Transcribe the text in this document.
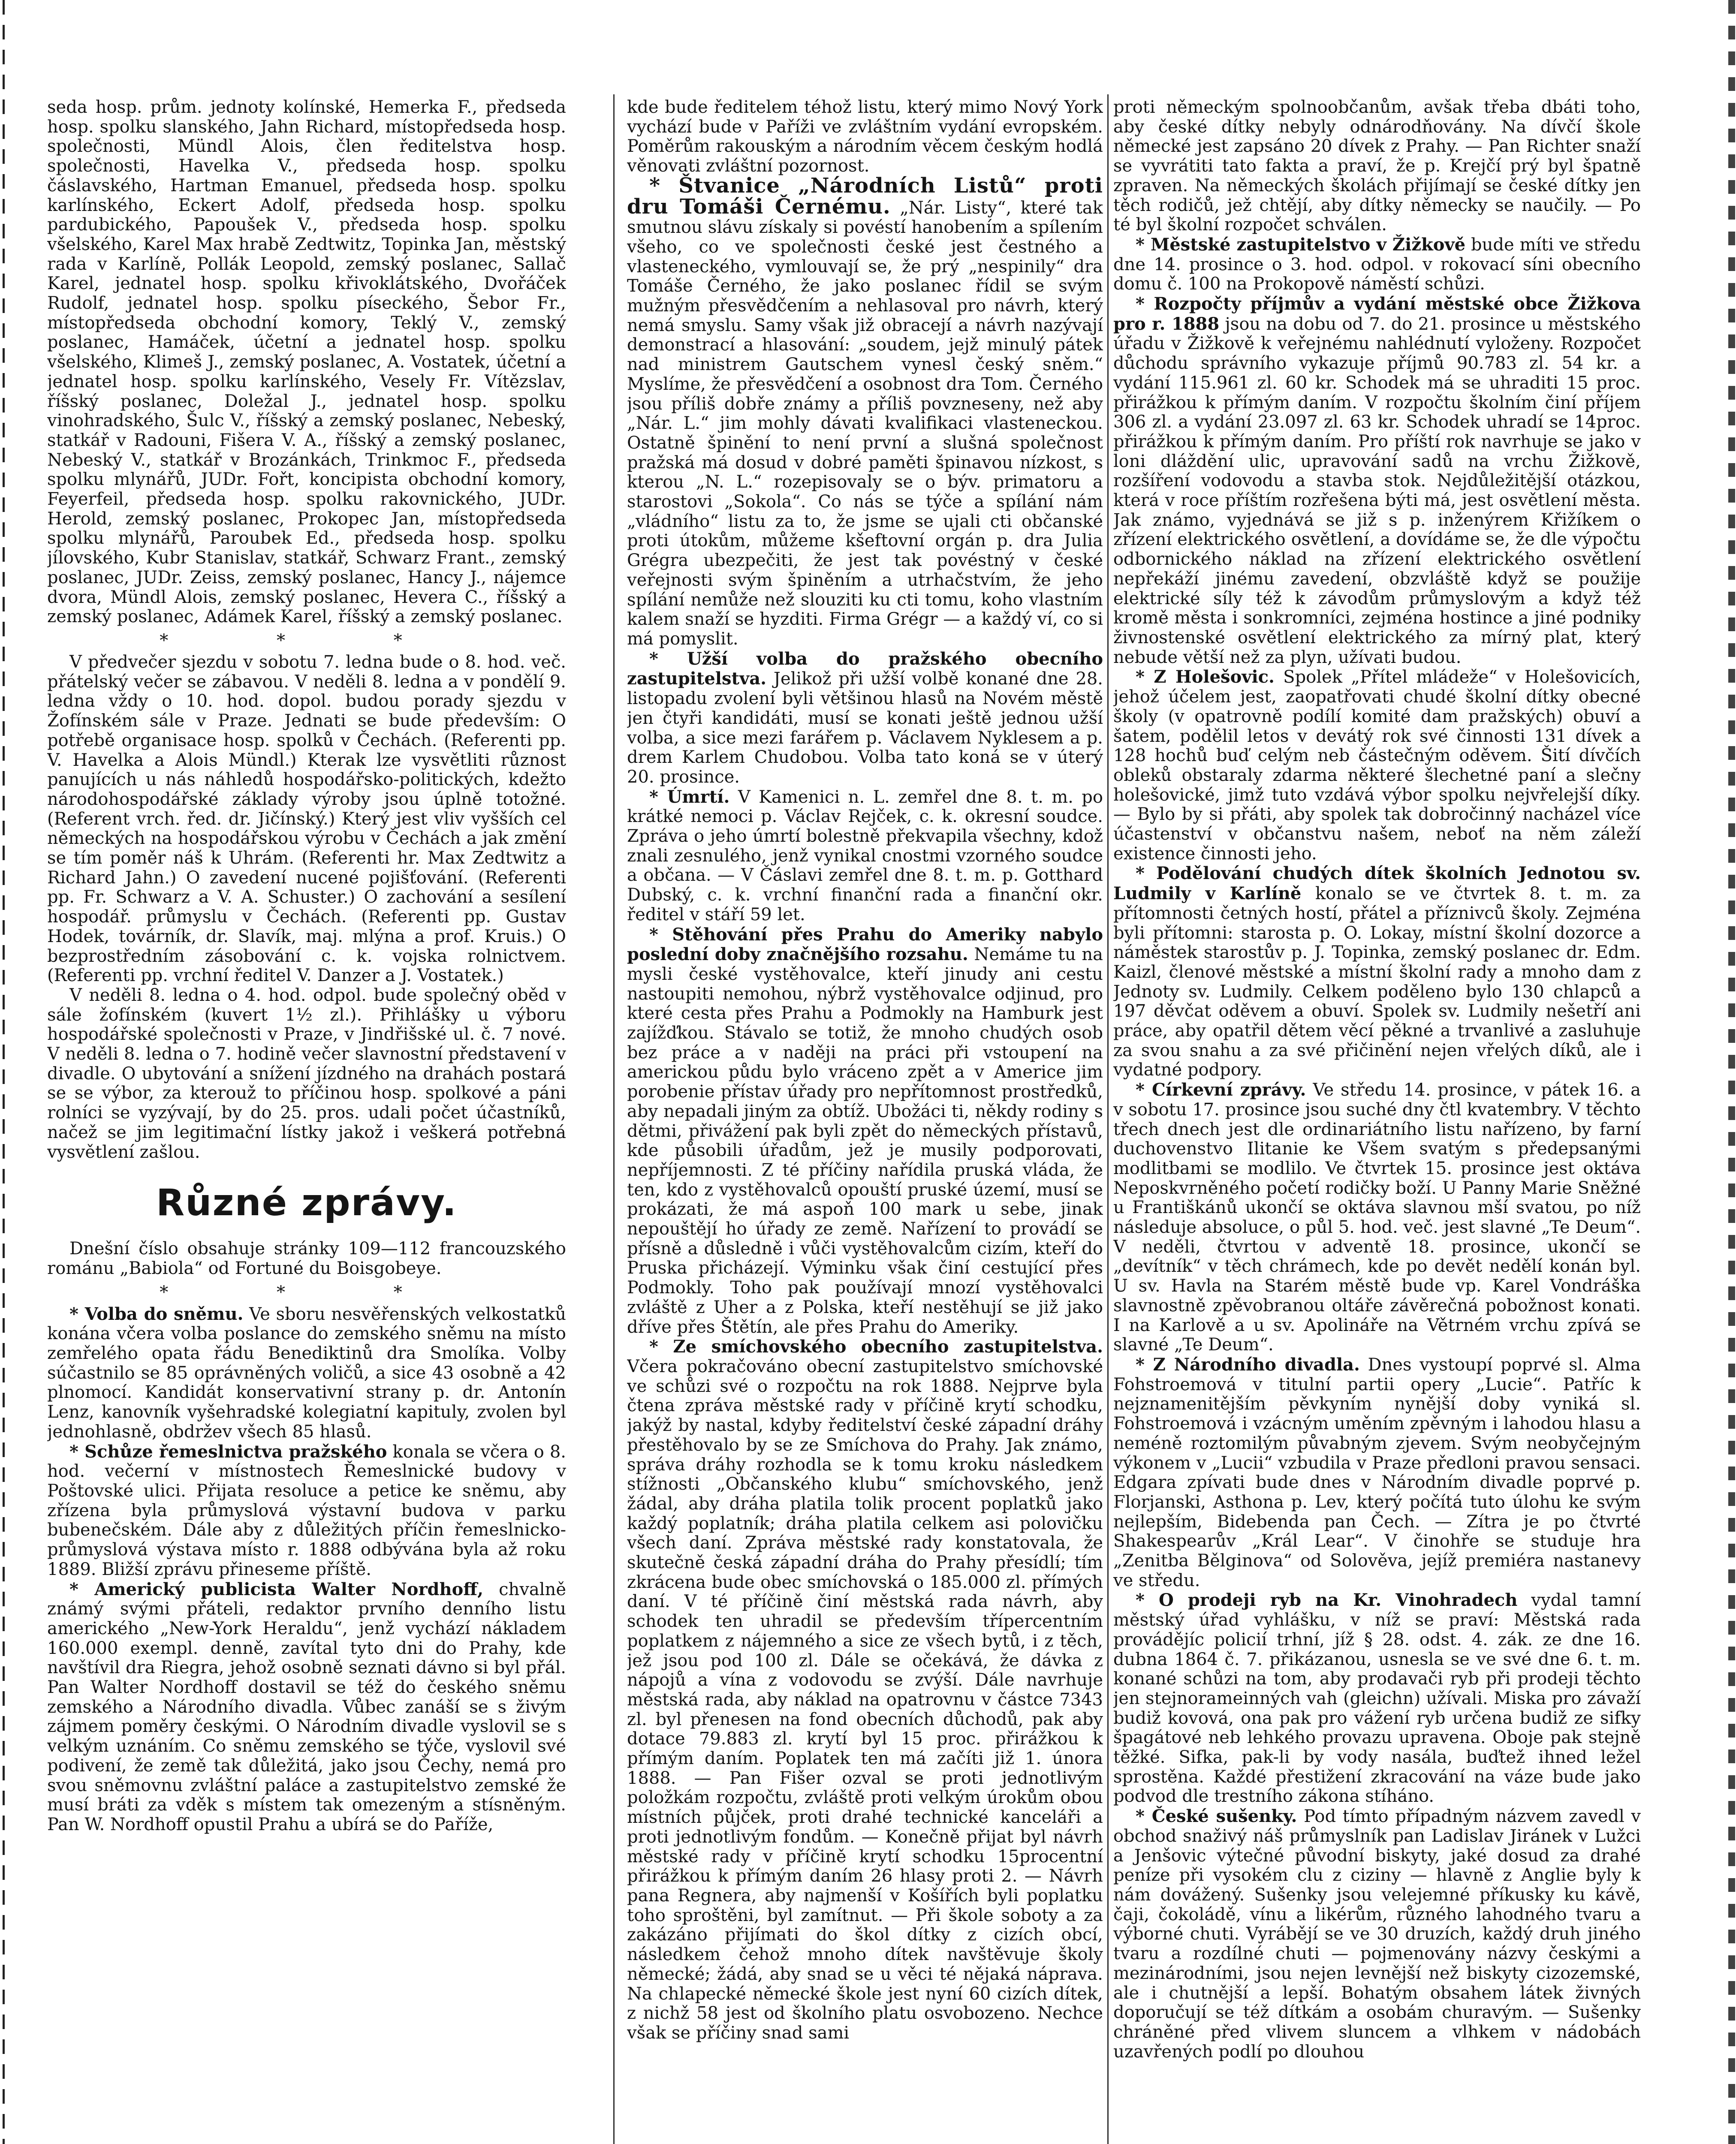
seda hosp. prům. jednoty kolínské, Hemerka F., předseda hosp. spolku slanského, Jahn Richard, místopředseda hosp. společnosti, Mündl Alois, člen ředitelstva hosp. společnosti, Havelka V., předseda hosp. spolku čáslavského, Hartman Emanuel, předseda hosp. spolku karlínského, Eckert Adolf, předseda hosp. spolku pardubického, Papoušek V., předseda hosp. spolku všelského, Karel Max hrabě Zedtwitz, Topinka Jan, městský rada v Karlíně, Pollák Leopold, zemský poslanec, Sallač Karel, jednatel hosp. spolku křivoklátského, Dvořáček Rudolf, jednatel hosp. spolku píseckého, Šebor Fr., místopředseda obchodní komory, Teklý V., zemský poslanec, Hamáček, účetní a jednatel hosp. spolku všelského, Klimeš J., zemský poslanec, A. Vostatek, účetní a jednatel hosp. spolku karlínského, Vesely Fr. Vítězslav, říšský poslanec, Doležal J., jednatel hosp. spolku vinohradského, Šulc V., říšský a zemský poslanec, Nebeský, statkář v Radouni, Fišera V. A., říšský a zemský poslanec, Nebeský V., statkář v Brozánkách, Trinkmoc F., předseda spolku mlynářů, JUDr. Fořt, koncipista obchodní komory, Feyerfeil, předseda hosp. spolku rakovnického, JUDr. Herold, zemský poslanec, Prokopec Jan, místopředseda spolku mlynářů, Paroubek Ed., předseda hosp. spolku jílovského, Kubr Stanislav, statkář, Schwarz Frant., zemský poslanec, JUDr. Zeiss, zemský poslanec, Hancy J., nájemce dvora, Mündl Alois, zemský poslanec, Hevera C., říšský a zemský poslanec, Adámek Karel, říšský a zemský poslanec.

* * *

V předvečer sjezdu v sobotu 7. ledna bude o 8. hod. več. přátelský večer se zábavou. V neděli 8. ledna a v pondělí 9. ledna vždy o 10. hod. dopol. budou porady sjezdu v Žofínském sále v Praze. Jednati se bude především: O potřebě organisace hosp. spolků v Čechách. (Referenti pp. V. Havelka a Alois Mündl.) Kterak lze vysvětliti různost panujících u nás náhledů hospodářsko-politických, kdežto národohospodářské základy výroby jsou úplně totožné. (Referent vrch. řed. dr. Jičínský.) Který jest vliv vyšších cel německých na hospodářskou výrobu v Čechách a jak změní se tím poměr náš k Uhrám. (Referenti hr. Max Zedtwitz a Richard Jahn.) O zavedení nucené pojišťování. (Referenti pp. Fr. Schwarz a V. A. Schuster.) O zachování a sesílení hospodář. průmyslu v Čechách. (Referenti pp. Gustav Hodek, továrník, dr. Slavík, maj. mlýna a prof. Kruis.) O bezprostředním zásobování c. k. vojska rolnictvem. (Referenti pp. vrchní ředitel V. Danzer a J. Vostatek.)

V neděli 8. ledna o 4. hod. odpol. bude společný oběd v sále žofínském (kuvert 1½ zl.). Přihlášky u výboru hospodářské společnosti v Praze, v Jindřišské ul. č. 7 nové. V neděli 8. ledna o 7. hodině večer slavnostní představení v divadle. O ubytování a snížení jízdného na drahách postará se se výbor, za kterouž to příčinou hosp. spolkové a páni rolníci se vyzývají, by do 25. pros. udali počet účastníků, načež se jim legitimační lístky jakož i veškerá potřebná vysvětlení zašlou.

Různé zprávy.

Dnešní číslo obsahuje stránky 109—112 francouzského románu „Babiola“ od Fortuné du Boisgobeye.

* * *

* Volba do sněmu. Ve sboru nesvěřenských velkostatků konána včera volba poslance do zemského sněmu na místo zemřelého opata řádu Benediktinů dra Smolíka. Volby súčastnilo se 85 oprávněných voličů, a sice 43 osobně a 42 plnomocí. Kandidát konservativní strany p. dr. Antonín Lenz, kanovník vyšehradské kolegiatní kapituly, zvolen byl jednohlasně, obdržev všech 85 hlasů.

* Schůze řemeslnictva pražského konala se včera o 8. hod. večerní v místnostech Řemeslnické budovy v Poštovské ulici. Přijata resoluce a petice ke sněmu, aby zřízena byla průmyslová výstavní budova v parku bubenečském. Dále aby z důležitých příčin řemeslnicko-průmyslová výstava místo r. 1888 odbývána byla až roku 1889. Bližší zprávu přineseme příště.

* Americký publicista Walter Nordhoff, chvalně známý svými přáteli, redaktor prvního denního listu amerického „New-York Heraldu“, jenž vychází nákladem 160.000 exempl. denně, zavítal tyto dni do Prahy, kde navštívil dra Riegra, jehož osobně seznati dávno si byl přál. Pan Walter Nordhoff dostavil se též do českého sněmu zemského a Národního divadla. Vůbec zanáší se s živým zájmem poměry českými. O Národním divadle vyslovil se s velkým uznáním. Co sněmu zemského se týče, vyslovil své podivení, že země tak důležitá, jako jsou Čechy, nemá pro svou sněmovnu zvláštní paláce a zastupitelstvo zemské že musí bráti za vděk s místem tak omezeným a stísněným. Pan W. Nordhoff opustil Prahu a ubírá se do Paříže,

kde bude ředitelem téhož listu, který mimo Nový York vychází bude v Paříži ve zvláštním vydání evropském. Poměrům rakouským a národním věcem českým hodlá věnovati zvláštní pozornost.

* Štvanice „Národních Listů“ proti dru Tomáši Černému. „Nár. Listy“, které tak smutnou slávu získaly si povéstí hanobením a spílením všeho, co ve společnosti české jest čestného a vlasteneckého, vymlouvají se, že prý „nespinily“ dra Tomáše Černého, že jako poslanec řídil se svým mužným přesvědčením a nehlasoval pro návrh, který nemá smyslu. Samy však již obracejí a návrh nazývají demonstrací a hlasování: „soudem, jejž minulý pátek nad ministrem Gautschem vynesl český sněm.“ Myslíme, že přesvědčení a osobnost dra Tom. Černého jsou příliš dobře známy a příliš povzneseny, než aby „Nár. L.“ jim mohly dávati kvalifikaci vlasteneckou. Ostatně špinění to není první a slušná společnost pražská má dosud v dobré paměti špinavou nízkost, s kterou „N. L.“ rozepisovaly se o býv. primatoru a starostovi „Sokola“. Co nás se týče a spílání nám „vládního“ listu za to, že jsme se ujali cti občanské proti útokům, můžeme kšeftovní orgán p. dra Julia Grégra ubezpečiti, že jest tak povéstný v české veřejnosti svým špiněním a utrhačstvím, že jeho spílání nemůže než slouziti ku cti tomu, koho vlastním kalem snaží se hyzditi. Firma Grégr — a každý ví, co si má pomyslit.

* Užší volba do pražského obecního zastupitelstva. Jelikož při užší volbě konané dne 28. listopadu zvolení byli většinou hlasů na Novém městě jen čtyři kandidáti, musí se konati ještě jednou užší volba, a sice mezi farářem p. Václavem Nyklesem a p. drem Karlem Chudobou. Volba tato koná se v úterý 20. prosince.

* Úmrtí. V Kamenici n. L. zemřel dne 8. t. m. po krátké nemoci p. Václav Rejček, c. k. okresní soudce. Zpráva o jeho úmrtí bolestně překvapila všechny, kdož znali zesnulého, jenž vynikal cnostmi vzorného soudce a občana. — V Čáslavi zemřel dne 8. t. m. p. Gotthard Dubský, c. k. vrchní finanční rada a finanční okr. ředitel v stáří 59 let.

* Stěhování přes Prahu do Ameriky nabylo poslední doby značnějšího rozsahu. Nemáme tu na mysli české vystěhovalce, kteří jinudy ani cestu nastoupiti nemohou, nýbrž vystěhovalce odjinud, pro které cesta přes Prahu a Podmokly na Hamburk jest zajížďkou. Stávalo se totiž, že mnoho chudých osob bez práce a v naději na práci při vstoupení na americkou půdu bylo vráceno zpět a v Americe jim porobenie přístav úřady pro nepřítomnost prostředků, aby nepadali jiným za obtíž. Ubožáci ti, někdy rodiny s dětmi, přivážení pak byli zpět do německých přístavů, kde působili úřadům, jež je musily podporovati, nepříjemnosti. Z té příčiny nařídila pruská vláda, že ten, kdo z vystěhovalců opouští pruské území, musí se prokázati, že má aspoň 100 mark u sebe, jinak nepouštějí ho úřady ze země. Nařízení to provádí se přísně a důsledně i vůči vystěhovalcům cizím, kteří do Pruska přicházejí. Výminku však činí cestující přes Podmokly. Toho pak používají mnozí vystěhovalci zvláště z Uher a z Polska, kteří nestěhují se již jako dříve přes Štětín, ale přes Prahu do Ameriky.

* Ze smíchovského obecního zastupitelstva. Včera pokračováno obecní zastupitelstvo smíchovské ve schůzi své o rozpočtu na rok 1888. Nejprve byla čtena zpráva městské rady v příčině krytí schodku, jakýž by nastal, kdyby ředitelství české západní dráhy přestěhovalo by se ze Smíchova do Prahy. Jak známo, správa dráhy rozhodla se k tomu kroku následkem stížnosti „Občanského klubu“ smíchovského, jenž žádal, aby dráha platila tolik procent poplatků jako každý poplatník; dráha platila celkem asi polovičku všech daní. Zpráva městské rady konstatovala, že skutečně česká západní dráha do Prahy přesídlí; tím zkrácena bude obec smíchovská o 185.000 zl. přímých daní. V té příčině činí městská rada návrh, aby schodek ten uhradil se především třípercentním poplatkem z nájemného a sice ze všech bytů, i z těch, jež jsou pod 100 zl. Dále se očekává, že dávka z nápojů a vína z vodovodu se zvýší. Dále navrhuje městská rada, aby náklad na opatrovnu v částce 7343 zl. byl přenesen na fond obecních důchodů, pak aby dotace 79.883 zl. krytí byl 15 proc. přirážkou k přímým daním. Poplatek ten má začíti již 1. února 1888. — Pan Fišer ozval se proti jednotlivým položkám rozpočtu, zvláště proti velkým úrokům obou místních půjček, proti drahé technické kanceláři a proti jednotlivým fondům. — Konečně přijat byl návrh městské rady v příčině krytí schodku 15procentní přirážkou k přímým daním 26 hlasy proti 2. — Návrh pana Regnera, aby najmenší v Košířích byli poplatku toho sproštěni, byl zamítnut. — Při škole soboty a za zakázáno přijímati do škol dítky z cizích obcí, následkem čehož mnoho dítek navštěvuje školy německé; žádá, aby snad se u věci té nějaká náprava. Na chlapecké německé škole jest nyní 60 cizích dítek, z nichž 58 jest od školního platu osvobozeno. Nechce však se příčiny snad sami

proti německým spolnoobčanům, avšak třeba dbáti toho, aby české dítky nebyly odnárodňovány. Na dívčí škole německé jest zapsáno 20 dívek z Prahy. — Pan Richter snaží se vyvrátiti tato fakta a praví, že p. Krejčí prý byl špatně zpraven. Na německých školách přijímají se české dítky jen těch rodičů, jež chtějí, aby dítky německy se naučily. — Po té byl školní rozpočet schválen.

* Městské zastupitelstvo v Žižkově bude míti ve středu dne 14. prosince o 3. hod. odpol. v rokovací síni obecního domu č. 100 na Prokopově náměstí schůzi.

* Rozpočty příjmův a vydání městské obce Žižkova pro r. 1888 jsou na dobu od 7. do 21. prosince u městského úřadu v Žižkově k veřejnému nahlédnutí vyloženy. Rozpočet důchodu správního vykazuje příjmů 90.783 zl. 54 kr. a vydání 115.961 zl. 60 kr. Schodek má se uhraditi 15 proc. přirážkou k přímým daním. V rozpočtu školním činí příjem 306 zl. a vydání 23.097 zl. 63 kr. Schodek uhradí se 14proc. přirážkou k přímým daním. Pro příští rok navrhuje se jako v loni dláždění ulic, upravování sadů na vrchu Žižkově, rozšíření vodovodu a stavba stok. Nejdůležitější otázkou, která v roce příštím rozřešena býti má, jest osvětlení města. Jak známo, vyjednává se již s p. inženýrem Křižíkem o zřízení elektrického osvětlení, a dovídáme se, že dle výpočtu odbornického náklad na zřízení elektrického osvětlení nepřekáží jinému zavedení, obzvláště když se použije elektrické síly též k závodům průmyslovým a když též kromě města i sonkromníci, zejména hostince a jiné podniky živnostenské osvětlení elektrického za mírný plat, který nebude větší než za plyn, užívati budou.

* Z Holešovic. Spolek „Přítel mládeže“ v Holešovicích, jehož účelem jest, zaopatřovati chudé školní dítky obecné školy (v opatrovně podílí komité dam pražských) obuví a šatem, podělil letos v devátý rok své činnosti 131 dívek a 128 hochů buď celým neb částečným oděvem. Šití dívčích obleků obstaraly zdarma některé šlechetné paní a slečny holešovické, jimž tuto vzdává výbor spolku nejvřelejší díky. — Bylo by si přáti, aby spolek tak dobročinný nacházel více účastenství v občanstvu našem, neboť na něm záleží existence činnosti jeho.

* Podělování chudých dítek školních Jednotou sv. Ludmily v Karlíně konalo se ve čtvrtek 8. t. m. za přítomnosti četných hostí, přátel a příznivců školy. Zejména byli přítomni: starosta p. O. Lokay, místní školní dozorce a náměstek starostův p. J. Topinka, zemský poslanec dr. Edm. Kaizl, členové městské a místní školní rady a mnoho dam z Jednoty sv. Ludmily. Celkem poděleno bylo 130 chlapců a 197 děvčat oděvem a obuví. Spolek sv. Ludmily nešetří ani práce, aby opatřil dětem věcí pěkné a trvanlivé a zasluhuje za svou snahu a za své přičinění nejen vřelých díků, ale i vydatné podpory.

* Církevní zprávy. Ve středu 14. prosince, v pátek 16. a v sobotu 17. prosince jsou suché dny čtl kvatembry. V těchto třech dnech jest dle ordinariátního listu nařízeno, by farní duchovenstvo Ilitanie ke Všem svatým s předepsanými modlitbami se modlilo. Ve čtvrtek 15. prosince jest oktáva Neposkvrněného početí rodičky boží. U Panny Marie Sněžné u Františkánů ukončí se oktáva slavnou mší svatou, po níž následuje absoluce, o půl 5. hod. več. jest slavné „Te Deum“. V neděli, čtvrtou v adventě 18. prosince, ukončí se „devítník“ v těch chrámech, kde po devět nedělí konán byl. U sv. Havla na Starém městě bude vp. Karel Vondráška slavnostně zpěvobranou oltáře závěrečná pobožnost konati. I na Karlově a u sv. Apolináře na Větrném vrchu zpívá se slavné „Te Deum“.

* Z Národního divadla. Dnes vystoupí poprvé sl. Alma Fohstroemová v titulní partii opery „Lucie“. Patříc k nejznamenitějším pěvkyním nynější doby vyniká sl. Fohstroemová i vzácným uměním zpěvným i lahodou hlasu a neméně roztomilým půvabným zjevem. Svým neobyčejným výkonem v „Lucii“ vzbudila v Praze předloni pravou sensaci. Edgara zpívati bude dnes v Národním divadle poprvé p. Florjanski, Asthona p. Lev, který počítá tuto úlohu ke svým nejlepším, Bidebenda pan Čech. — Zítra je po čtvrté Shakespearův „Král Lear“. V činohře se studuje hra „Zenitba Bělginova“ od Solověva, jejíž premiéra nastanevy ve středu.

* O prodeji ryb na Kr. Vinohradech vydal tamní městský úřad vyhlášku, v níž se praví: Městská rada provádějíc policií trhní, jíž § 28. odst. 4. zák. ze dne 16. dubna 1864 č. 7. přikázanou, usnesla se ve své dne 6. t. m. konané schůzi na tom, aby prodavači ryb při prodeji těchto jen stejnorameinných vah (gleichn) užívali. Miska pro závaží budiž kovová, ona pak pro vážení ryb určena budiž ze sifky špagátové neb lehkého provazu upravena. Oboje pak stejně těžké. Sifka, pak-li by vody nasála, buďtež ihned ležel sprostěna. Každé přestižení zkracování na váze bude jako podvod dle trestního zákona stíháno.

* České sušenky. Pod tímto případným názvem zavedl v obchod snaživý náš průmyslník pan Ladislav Jiránek v Lužci a Jenšovic výtečné původní biskyty, jaké dosud za drahé peníze při vysokém clu z ciziny — hlavně z Anglie byly k nám dovážený. Sušenky jsou velejemné příkusky ku kávě, čaji, čokoládě, vínu a likérům, různého lahodného tvaru a výborné chuti. Vyrábějí se ve 30 druzích, každý druh jiného tvaru a rozdílné chuti — pojmenovány názvy českými a mezinárodními, jsou nejen levnější než biskyty cizozemské, ale i chutnější a lepší. Bohatým obsahem látek živných doporučují se též dítkám a osobám churavým. — Sušenky chráněné před vlivem sluncem a vlhkem v nádobách uzavřených podlí po dlouhou
